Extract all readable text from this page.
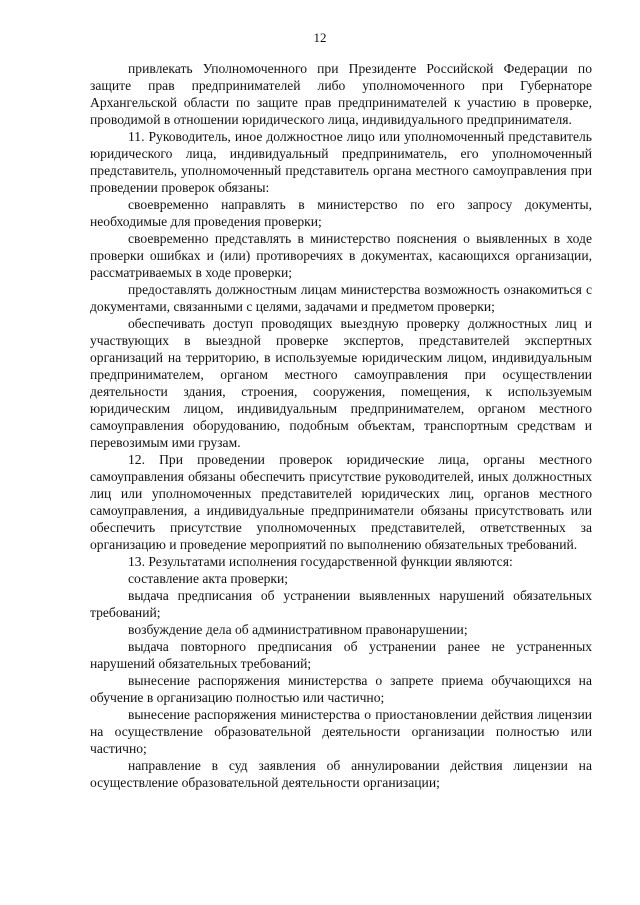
12

привлекать Уполномоченного при Президенте Российской Федерации по защите прав предпринимателей либо уполномоченного при Губернаторе Архангельской области по защите прав предпринимателей к участию в проверке, проводимой в отношении юридического лица, индивидуального предпринимателя.

11. Руководитель, иное должностное лицо или уполномоченный представитель юридического лица, индивидуальный предприниматель, его уполномоченный представитель, уполномоченный представитель органа местного самоуправления при проведении проверок обязаны:

своевременно направлять в министерство по его запросу документы, необходимые для проведения проверки;

своевременно представлять в министерство пояснения о выявленных в ходе проверки ошибках и (или) противоречиях в документах, касающихся организации, рассматриваемых в ходе проверки;

предоставлять должностным лицам министерства возможность ознакомиться с документами, связанными с целями, задачами и предметом проверки;

обеспечивать доступ проводящих выездную проверку должностных лиц и участвующих в выездной проверке экспертов, представителей экспертных организаций на территорию, в используемые юридическим лицом, индивидуальным предпринимателем, органом местного самоуправления при осуществлении деятельности здания, строения, сооружения, помещения, к используемым юридическим лицом, индивидуальным предпринимателем, органом местного самоуправления оборудованию, подобным объектам, транспортным средствам и перевозимым ими грузам.

12. При проведении проверок юридические лица, органы местного самоуправления обязаны обеспечить присутствие руководителей, иных должностных лиц или уполномоченных представителей юридических лиц, органов местного самоуправления, а индивидуальные предприниматели обязаны присутствовать или обеспечить присутствие уполномоченных представителей, ответственных за организацию и проведение мероприятий по выполнению обязательных требований.

13. Результатами исполнения государственной функции являются:

составление акта проверки;

выдача предписания об устранении выявленных нарушений обязательных требований;

возбуждение дела об административном правонарушении;

выдача повторного предписания об устранении ранее не устраненных нарушений обязательных требований;

вынесение распоряжения министерства о запрете приема обучающихся на обучение в организацию полностью или частично;

вынесение распоряжения министерства о приостановлении действия лицензии на осуществление образовательной деятельности организации полностью или частично;

направление в суд заявления об аннулировании действия лицензии на осуществление образовательной деятельности организации;
